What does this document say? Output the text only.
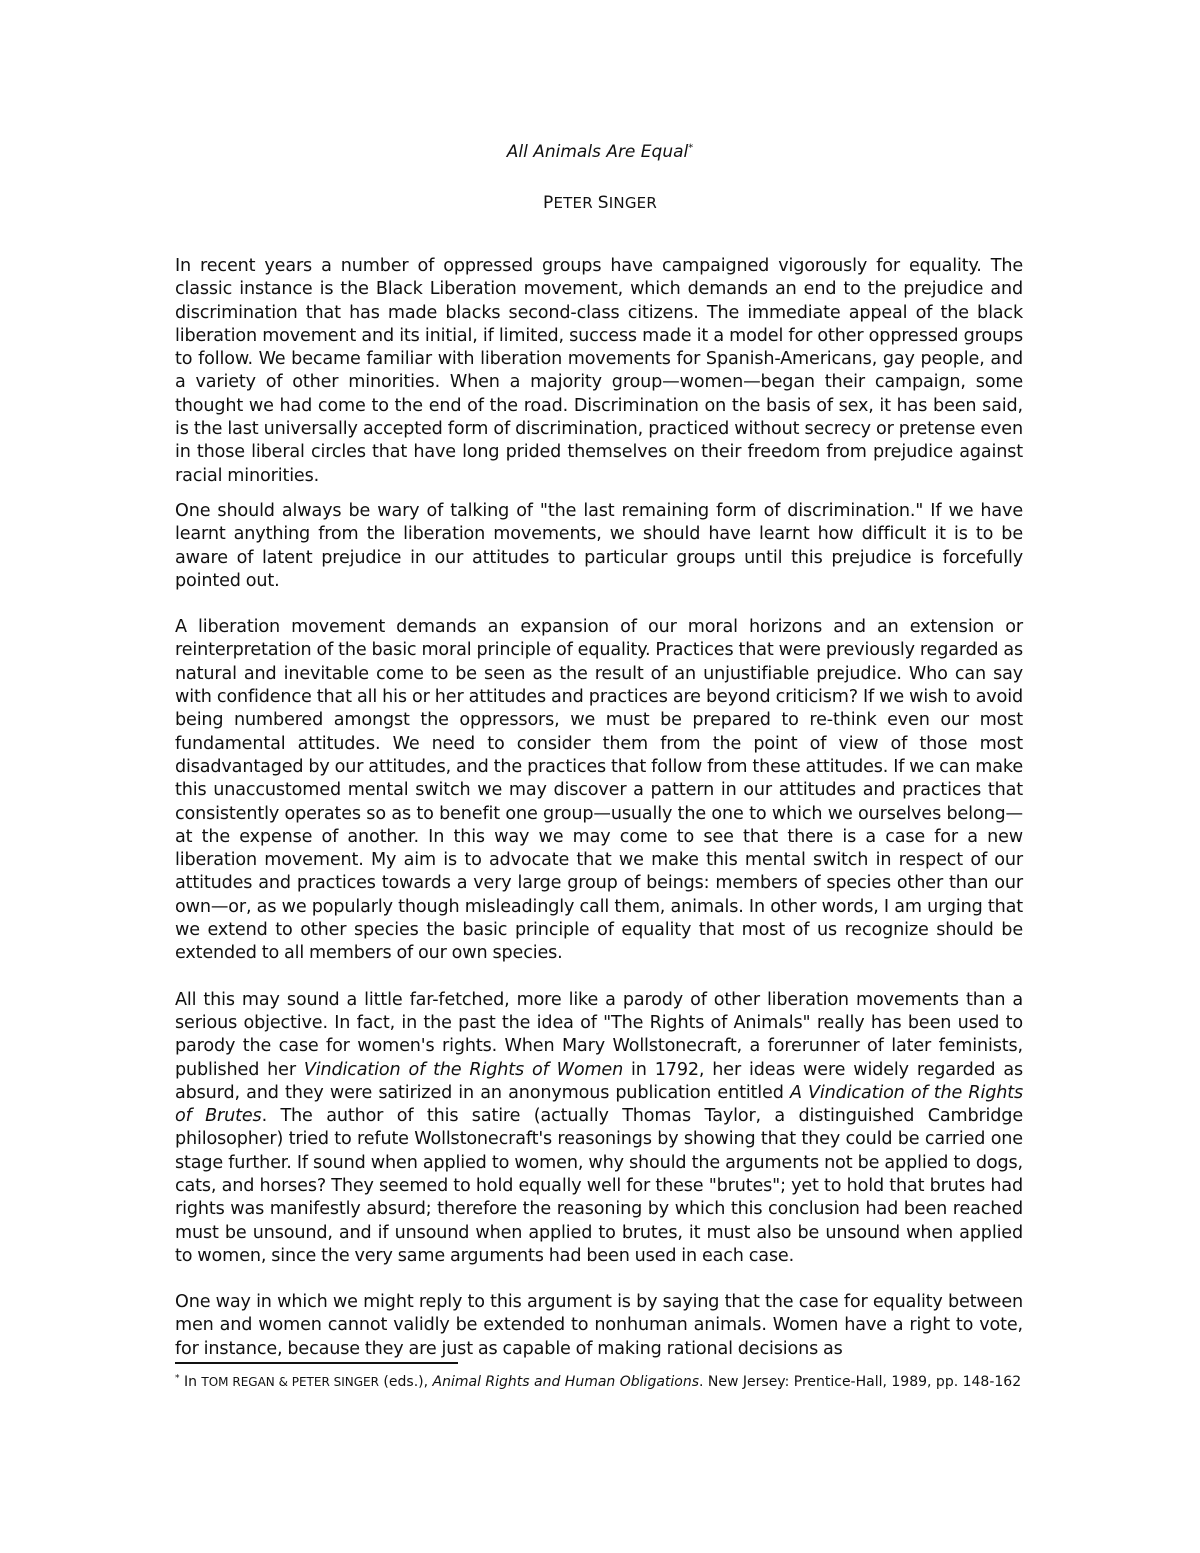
All Animals Are Equal*
PETER SINGER

In recent years a number of oppressed groups have campaigned vigorously for equality. The classic instance is the Black Liberation movement, which demands an end to the prejudice and discrimination that has made blacks second-class citizens. The immediate appeal of the black liberation movement and its initial, if limited, success made it a model for other oppressed groups to follow. We became familiar with liberation movements for Spanish-Americans, gay people, and a variety of other minorities. When a majority group—women—began their campaign, some thought we had come to the end of the road. Discrimination on the basis of sex, it has been said, is the last universally accepted form of discrimination, practiced without secrecy or pretense even in those liberal circles that have long prided themselves on their freedom from prejudice against racial minorities.

One should always be wary of talking of "the last remaining form of discrimination." If we have learnt anything from the liberation movements, we should have learnt how difficult it is to be aware of latent prejudice in our attitudes to particular groups until this prejudice is forcefully pointed out.

A liberation movement demands an expansion of our moral horizons and an extension or reinterpretation of the basic moral principle of equality. Practices that were previously regarded as natural and inevitable come to be seen as the result of an unjustifiable prejudice. Who can say with confidence that all his or her attitudes and practices are beyond criticism? If we wish to avoid being numbered amongst the oppressors, we must be prepared to re-think even our most fundamental attitudes. We need to consider them from the point of view of those most disadvantaged by our attitudes, and the practices that follow from these attitudes. If we can make this unaccustomed mental switch we may discover a pattern in our attitudes and practices that consistently operates so as to benefit one group—usually the one to which we ourselves belong—at the expense of another. In this way we may come to see that there is a case for a new liberation movement. My aim is to advocate that we make this mental switch in respect of our attitudes and practices towards a very large group of beings: members of species other than our own—or, as we popularly though misleadingly call them, animals. In other words, I am urging that we extend to other species the basic principle of equality that most of us recognize should be extended to all members of our own species.

All this may sound a little far-fetched, more like a parody of other liberation movements than a serious objective. In fact, in the past the idea of "The Rights of Animals" really has been used to parody the case for women's rights. When Mary Wollstonecraft, a forerunner of later feminists, published her Vindication of the Rights of Women in 1792, her ideas were widely regarded as absurd, and they were satirized in an anonymous publication entitled A Vindication of the Rights of Brutes. The author of this satire (actually Thomas Taylor, a distinguished Cambridge philosopher) tried to refute Wollstonecraft's reasonings by showing that they could be carried one stage further. If sound when applied to women, why should the arguments not be applied to dogs, cats, and horses? They seemed to hold equally well for these "brutes"; yet to hold that brutes had rights was manifestly absurd; therefore the reasoning by which this conclusion had been reached must be unsound, and if unsound when applied to brutes, it must also be unsound when applied to women, since the very same arguments had been used in each case.

One way in which we might reply to this argument is by saying that the case for equality between men and women cannot validly be extended to nonhuman animals. Women have a right to vote, for instance, because they are just as capable of making rational decisions as

* In TOM REGAN & PETER SINGER (eds.), Animal Rights and Human Obligations. New Jersey: Prentice-Hall, 1989, pp. 148-162
